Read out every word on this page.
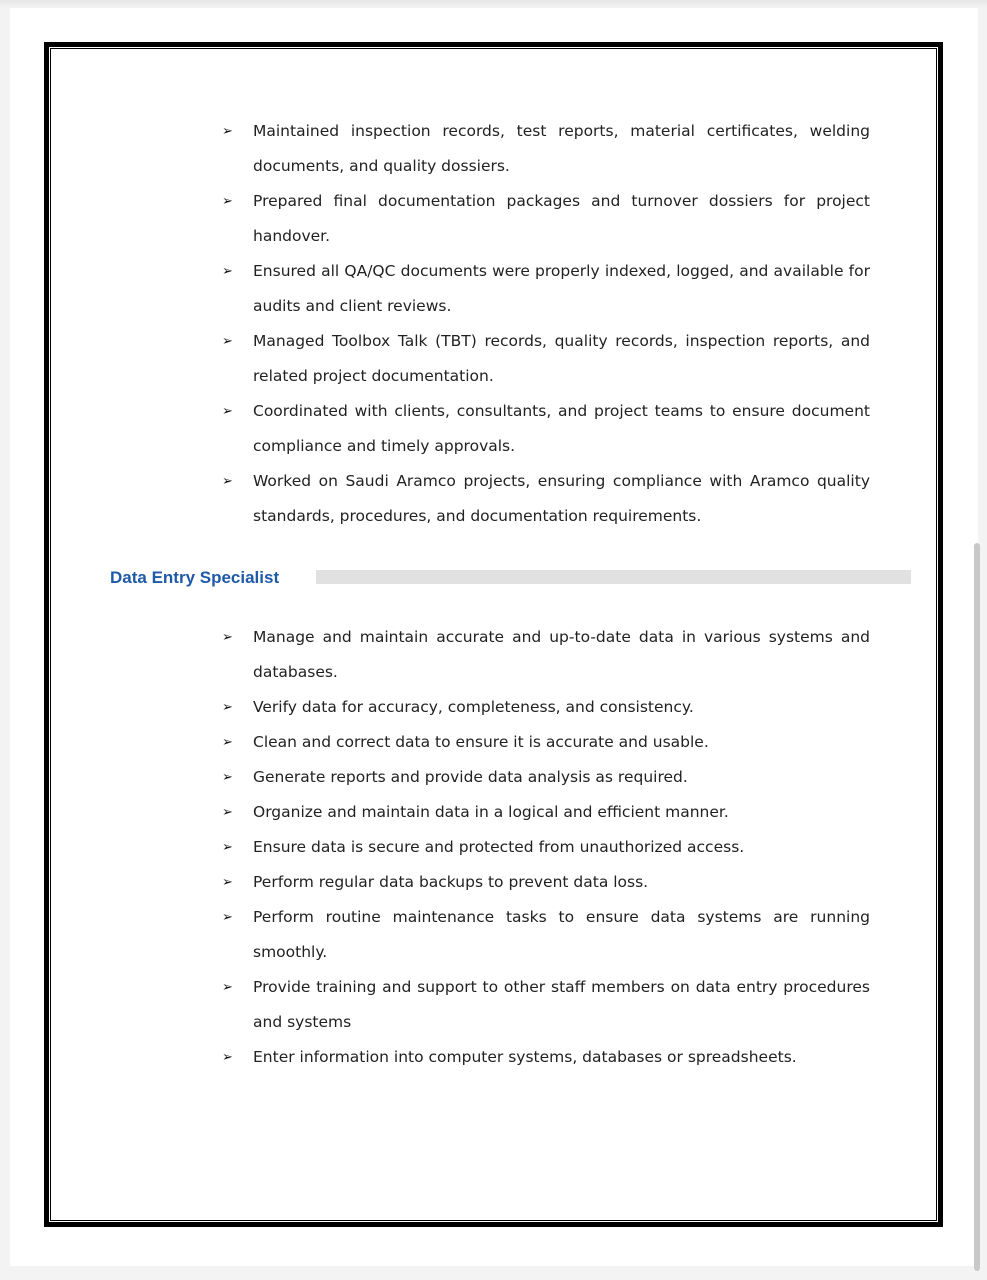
➢	Maintained inspection records, test reports, material certificates, welding documents, and quality dossiers.
➢	Prepared final documentation packages and turnover dossiers for project handover.
➢	Ensured all QA/QC documents were properly indexed, logged, and available for audits and client reviews.
➢	Managed Toolbox Talk (TBT) records, quality records, inspection reports, and related project documentation.
➢	Coordinated with clients, consultants, and project teams to ensure document compliance and timely approvals.
➢	Worked on Saudi Aramco projects, ensuring compliance with Aramco quality standards, procedures, and documentation requirements.
Data Entry Specialist
➢	Manage and maintain accurate and up-to-date data in various systems and databases.
➢	Verify data for accuracy, completeness, and consistency.
➢	Clean and correct data to ensure it is accurate and usable.
➢	Generate reports and provide data analysis as required.
➢	Organize and maintain data in a logical and efficient manner.
➢	Ensure data is secure and protected from unauthorized access.
➢	Perform regular data backups to prevent data loss.
➢	Perform routine maintenance tasks to ensure data systems are running smoothly.
➢	Provide training and support to other staff members on data entry procedures and systems
➢	Enter information into computer systems, databases or spreadsheets.
